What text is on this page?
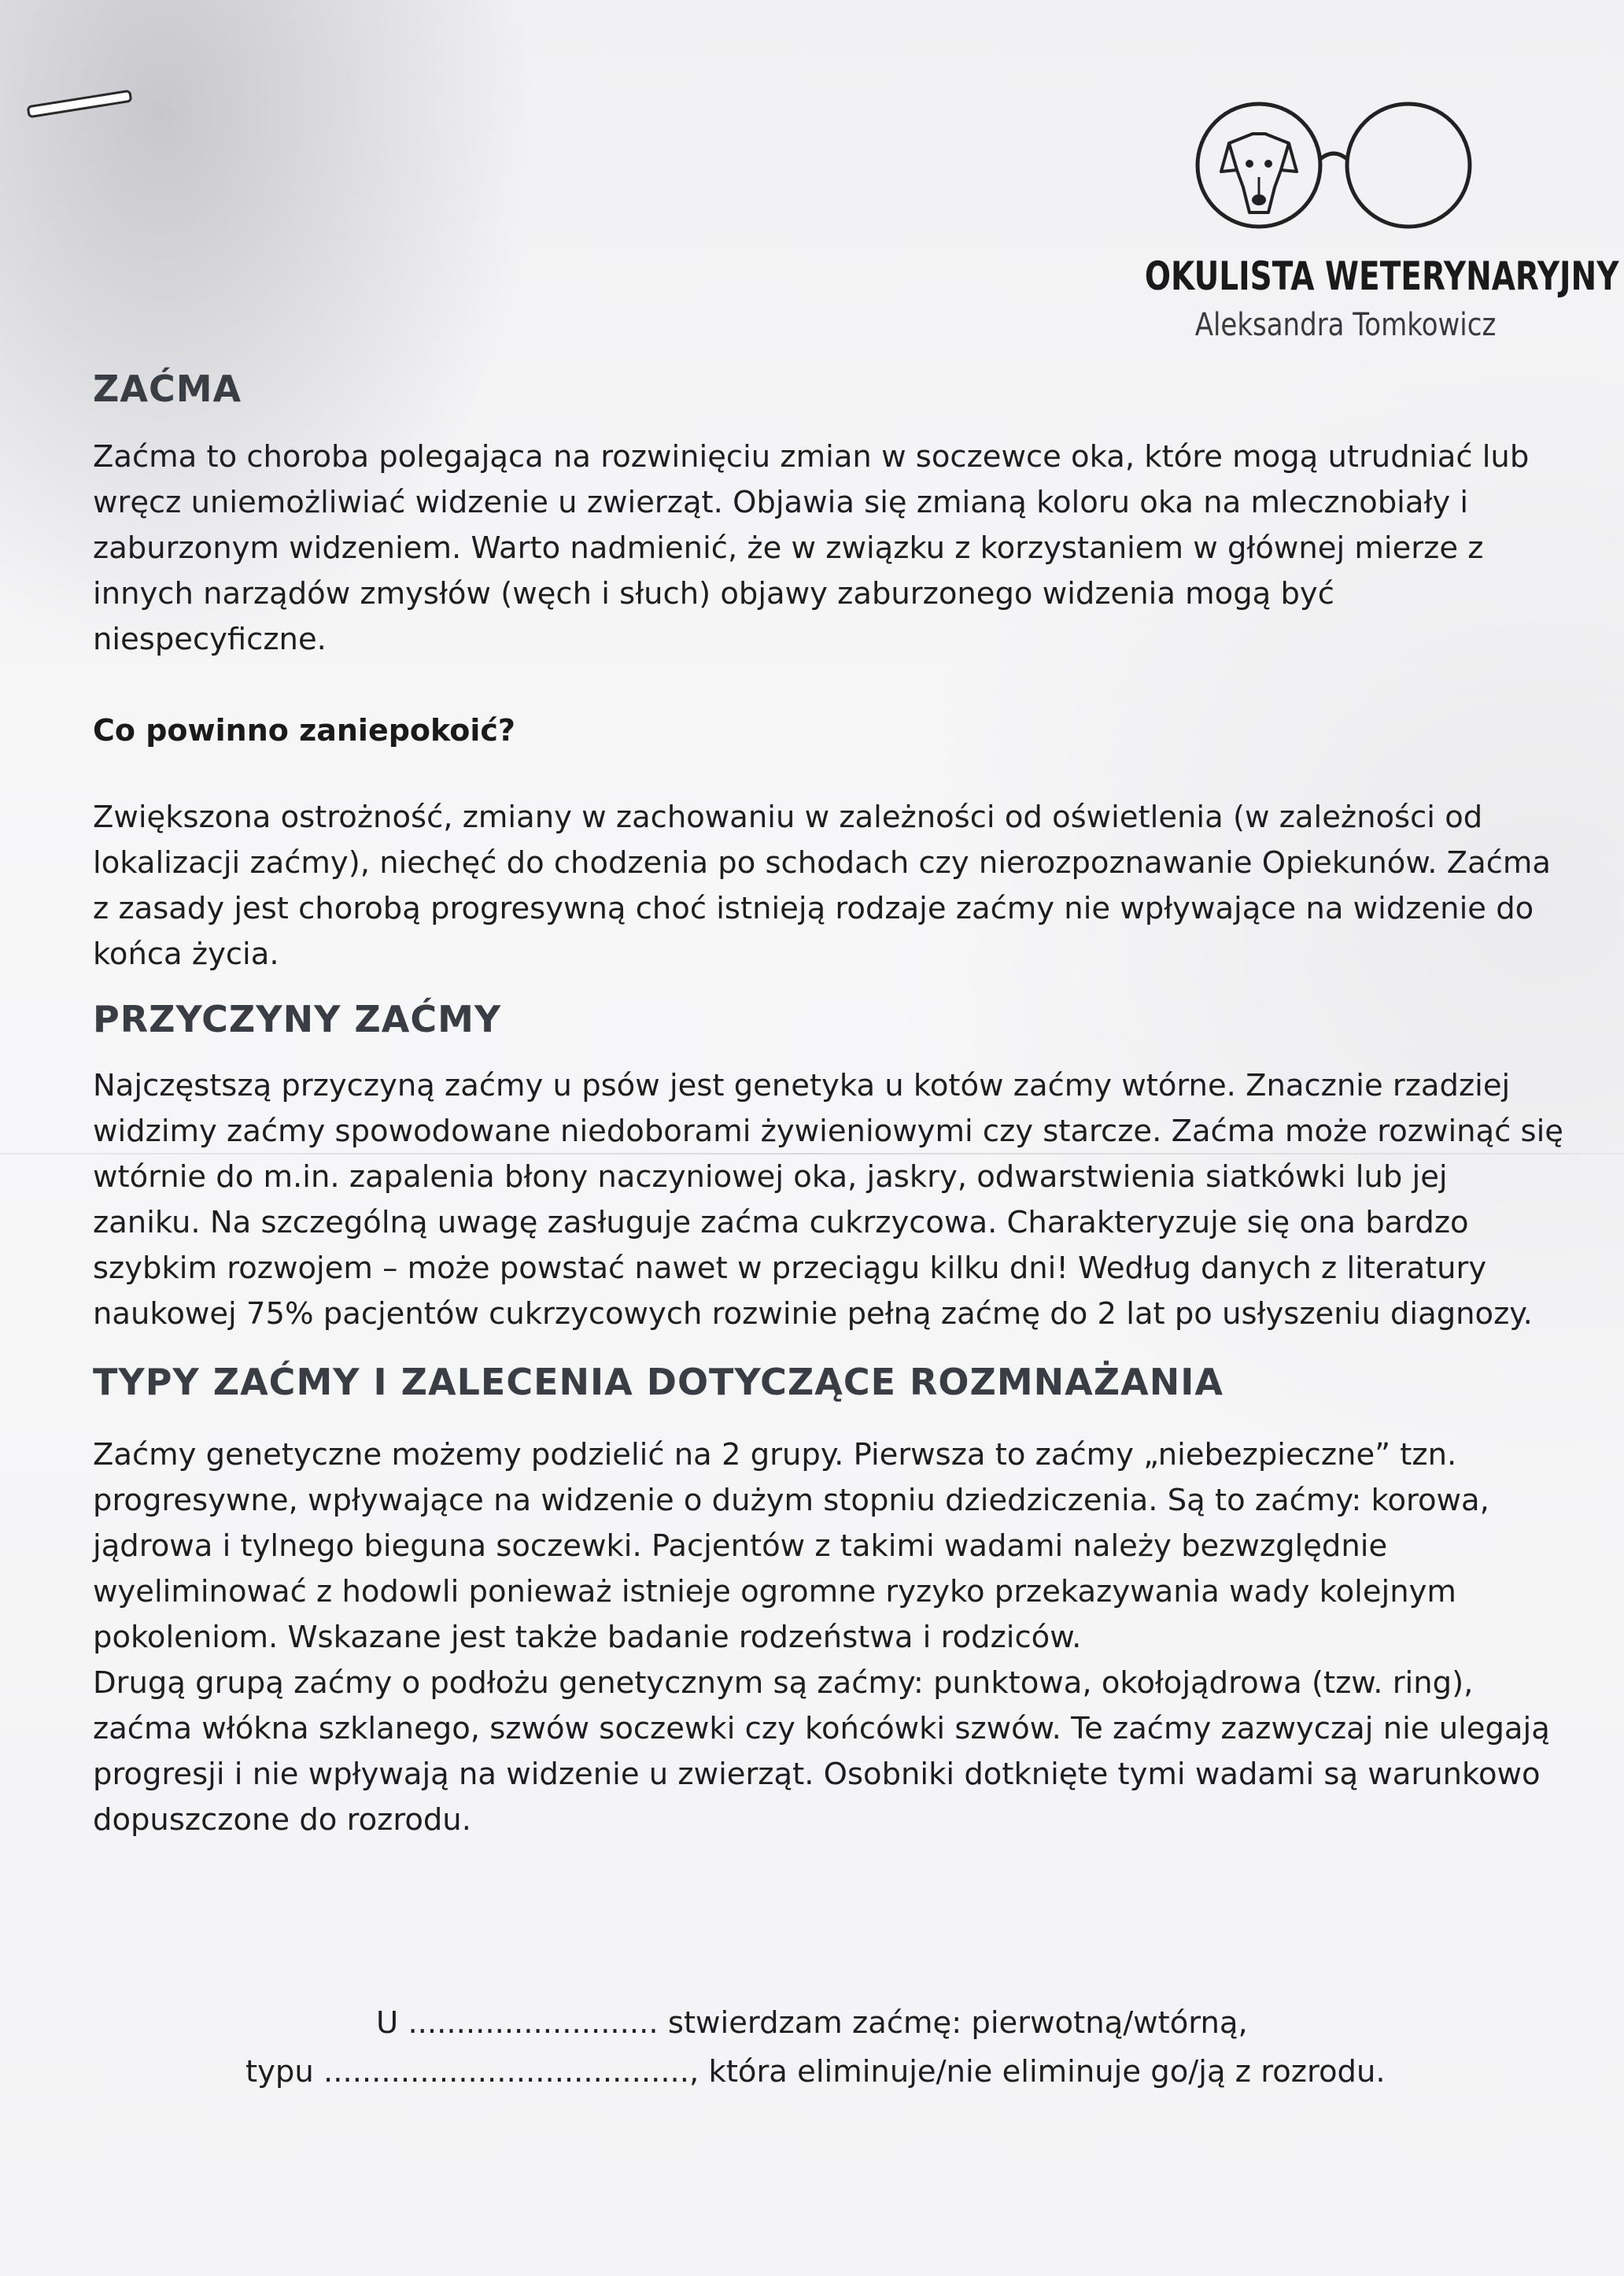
OKULISTA WETERYNARYJNY
Aleksandra Tomkowicz
ZAĆMA

Zaćma to choroba polegająca na rozwinięciu zmian w soczewce oka, które mogą utrudniać lub wręcz uniemożliwiać widzenie u zwierząt. Objawia się zmianą koloru oka na mlecznobiały i zaburzonym widzeniem. Warto nadmienić, że w związku z korzystaniem w głównej mierze z innych narządów zmysłów (węch i słuch) objawy zaburzonego widzenia mogą być niespecyficzne.

Co powinno zaniepokoić?

Zwiększona ostrożność, zmiany w zachowaniu w zależności od oświetlenia (w zależności od lokalizacji zaćmy), niechęć do chodzenia po schodach czy nierozpoznawanie Opiekunów. Zaćma z zasady jest chorobą progresywną choć istnieją rodzaje zaćmy nie wpływające na widzenie do końca życia.

PRZYCZYNY ZAĆMY

Najczęstszą przyczyną zaćmy u psów jest genetyka u kotów zaćmy wtórne. Znacznie rzadziej widzimy zaćmy spowodowane niedoborami żywieniowymi czy starcze. Zaćma może rozwinąć się wtórnie do m.in. zapalenia błony naczyniowej oka, jaskry, odwarstwienia siatkówki lub jej zaniku. Na szczególną uwagę zasługuje zaćma cukrzycowa. Charakteryzuje się ona bardzo szybkim rozwojem – może powstać nawet w przeciągu kilku dni! Według danych z literatury naukowej 75% pacjentów cukrzycowych rozwinie pełną zaćmę do 2 lat po usłyszeniu diagnozy.

TYPY ZAĆMY I ZALECENIA DOTYCZĄCE ROZMNAŻANIA

Zaćmy genetyczne możemy podzielić na 2 grupy. Pierwsza to zaćmy „niebezpieczne” tzn. progresywne, wpływające na widzenie o dużym stopniu dziedziczenia. Są to zaćmy: korowa, jądrowa i tylnego bieguna soczewki. Pacjentów z takimi wadami należy bezwzględnie wyeliminować z hodowli ponieważ istnieje ogromne ryzyko przekazywania wady kolejnym pokoleniom. Wskazane jest także badanie rodzeństwa i rodziców.

Drugą grupą zaćmy o podłożu genetycznym są zaćmy: punktowa, okołojądrowa (tzw. ring), zaćma włókna szklanego, szwów soczewki czy końcówki szwów. Te zaćmy zazwyczaj nie ulegają progresji i nie wpływają na widzenie u zwierząt. Osobniki dotknięte tymi wadami są warunkowo dopuszczone do rozrodu.

U .......................... stwierdzam zaćmę: pierwotną/wtórną,
typu ......................................, która eliminuje/nie eliminuje go/ją z rozrodu.
